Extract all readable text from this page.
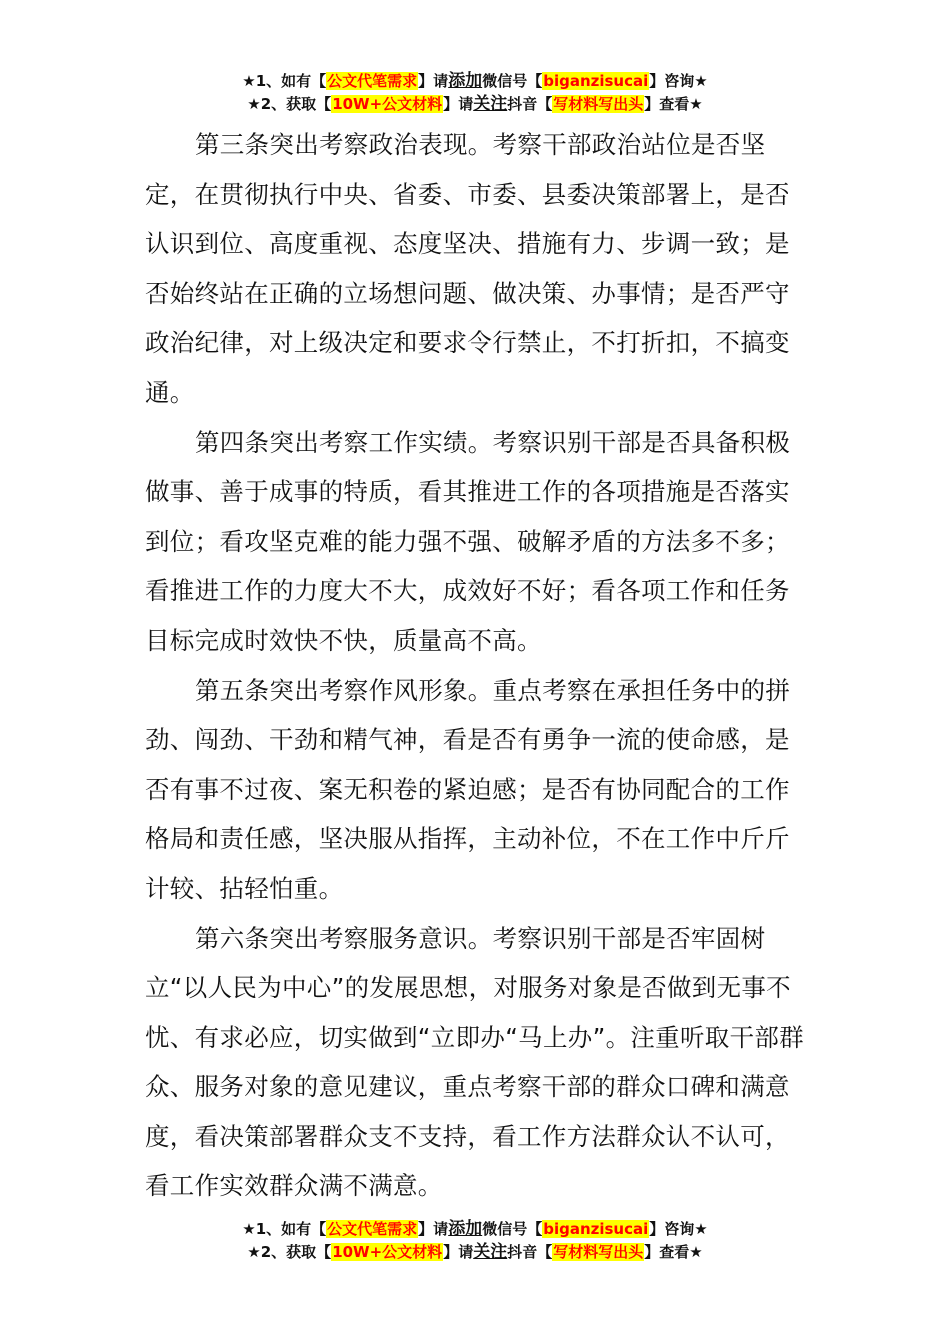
★1、如有【公文代笔需求】请添加微信号【biganzisucai】咨询★
★2、获取【10W+公文材料】请关注抖音【写材料写出头】查看★

第三条突出考察政治表现。考察干部政治站位是否坚定，在贯彻执行中央、省委、市委、县委决策部署上，是否认识到位、高度重视、态度坚决、措施有力、步调一致；是否始终站在正确的立场想问题、做决策、办事情；是否严守政治纪律，对上级决定和要求令行禁止，不打折扣，不搞变通。

第四条突出考察工作实绩。考察识别干部是否具备积极做事、善于成事的特质，看其推进工作的各项措施是否落实到位；看攻坚克难的能力强不强、破解矛盾的方法多不多；看推进工作的力度大不大，成效好不好；看各项工作和任务目标完成时效快不快，质量高不高。

第五条突出考察作风形象。重点考察在承担任务中的拼劲、闯劲、干劲和精气神，看是否有勇争一流的使命感，是否有事不过夜、案无积卷的紧迫感；是否有协同配合的工作格局和责任感，坚决服从指挥，主动补位，不在工作中斤斤计较、拈轻怕重。

第六条突出考察服务意识。考察识别干部是否牢固树立“以人民为中心”的发展思想，对服务对象是否做到无事不忧、有求必应，切实做到“立即办“马上办”。注重听取干部群众、服务对象的意见建议，重点考察干部的群众口碑和满意度，看决策部署群众支不支持，看工作方法群众认不认可，看工作实效群众满不满意。

★1、如有【公文代笔需求】请添加微信号【biganzisucai】咨询★
★2、获取【10W+公文材料】请关注抖音【写材料写出头】查看★
